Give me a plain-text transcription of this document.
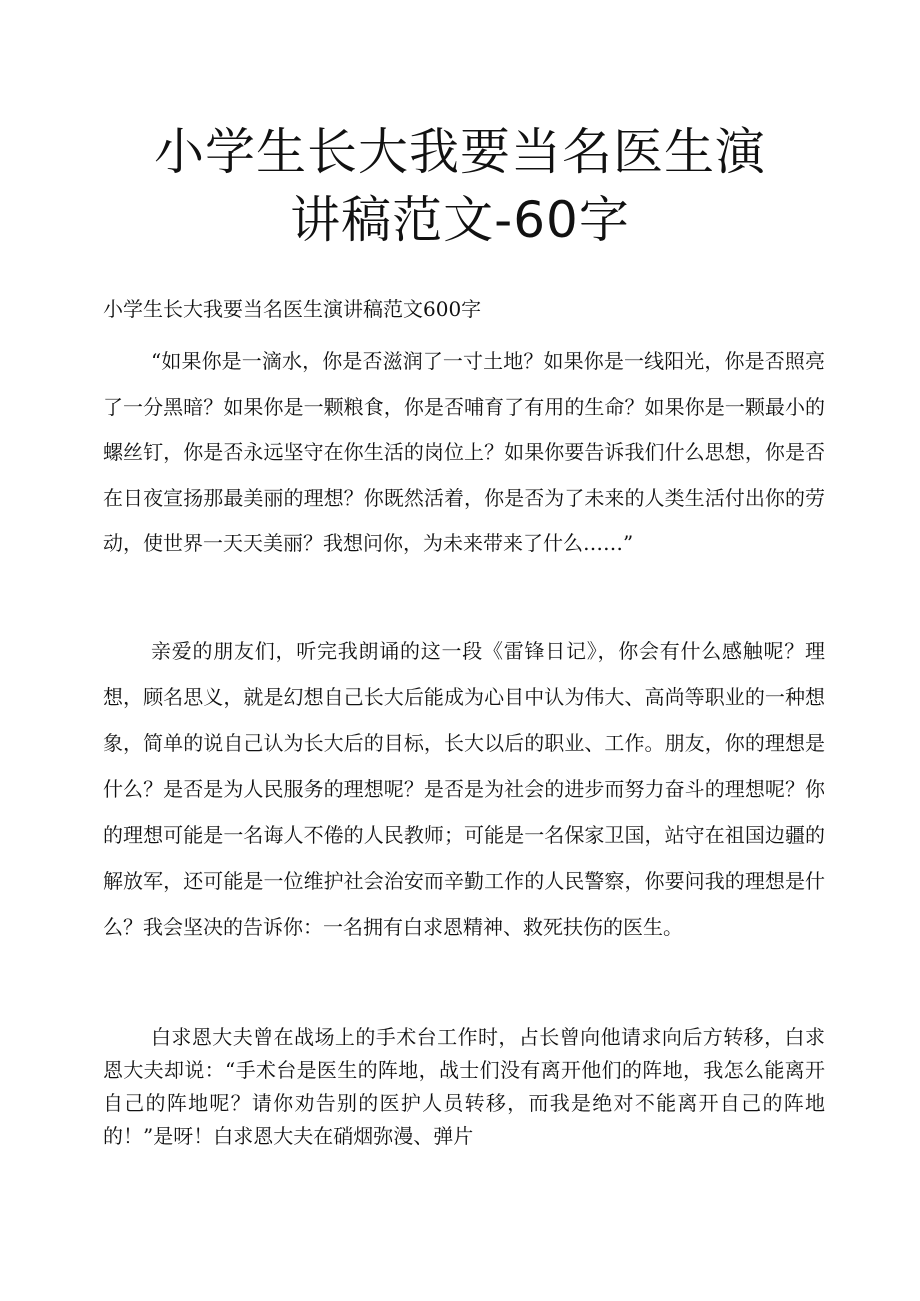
小学生长大我要当名医生演
讲稿范文-60字

小学生长大我要当名医生演讲稿范文600字

“如果你是一滴水，你是否滋润了一寸土地？如果你是一线阳光，你是否照亮了一分黑暗？如果你是一颗粮食，你是否哺育了有用的生命？如果你是一颗最小的螺丝钉，你是否永远坚守在你生活的岗位上？如果你要告诉我们什么思想，你是否在日夜宣扬那最美丽的理想？你既然活着，你是否为了未来的人类生活付出你的劳动，使世界一天天美丽？我想问你，为未来带来了什么……”

亲爱的朋友们，听完我朗诵的这一段《雷锋日记》，你会有什么感触呢？理想，顾名思义，就是幻想自己长大后能成为心目中认为伟大、高尚等职业的一种想象，简单的说自己认为长大后的目标，长大以后的职业、工作。朋友，你的理想是什么？是否是为人民服务的理想呢？是否是为社会的进步而努力奋斗的理想呢？你的理想可能是一名诲人不倦的人民教师；可能是一名保家卫国，站守在祖国边疆的解放军，还可能是一位维护社会治安而辛勤工作的人民警察，你要问我的理想是什么？我会坚决的告诉你：一名拥有白求恩精神、救死扶伤的医生。

白求恩大夫曾在战场上的手术台工作时，占长曾向他请求向后方转移，白求恩大夫却说：“手术台是医生的阵地，战士们没有离开他们的阵地，我怎么能离开自己的阵地呢？请你劝告别的医护人员转移，而我是绝对不能离开自己的阵地的！”是呀！白求恩大夫在硝烟弥漫、弹片
